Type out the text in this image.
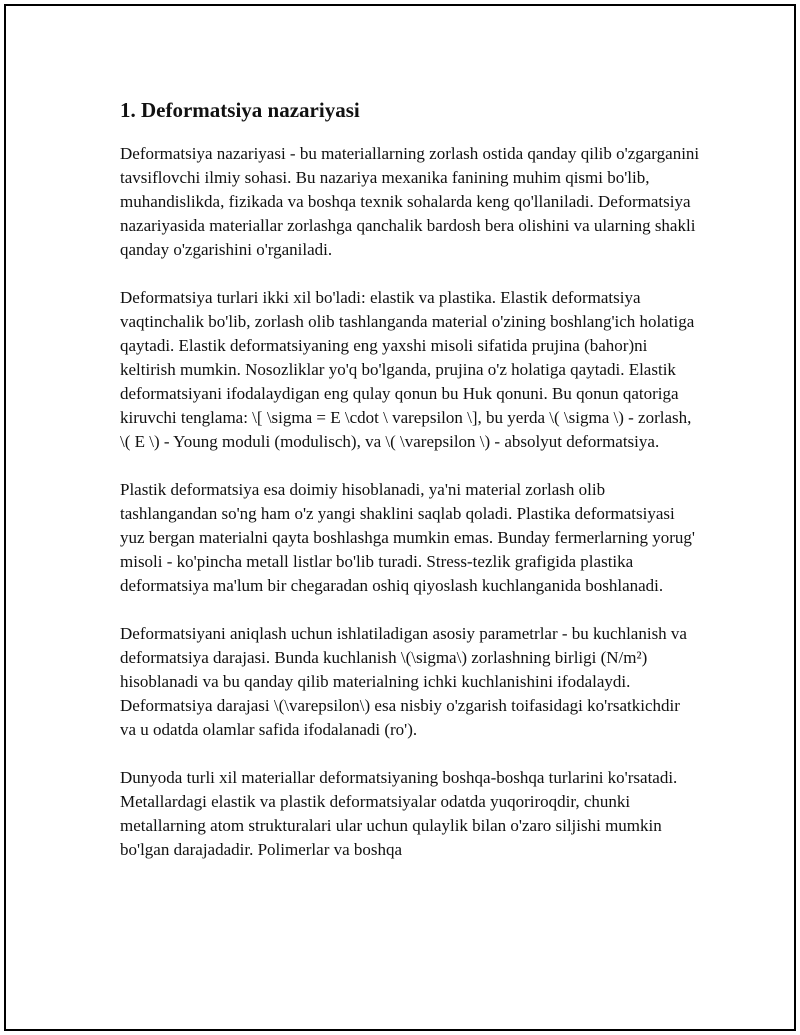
1. Deformatsiya nazariyasi

Deformatsiya nazariyasi - bu materiallarning zorlash ostida qanday qilib o'zgarganini tavsiflovchi ilmiy sohasi. Bu nazariya mexanika fanining muhim qismi bo'lib, muhandislikda, fizikada va boshqa texnik sohalarda keng qo'llaniladi. Deformatsiya nazariyasida materiallar zorlashga qanchalik bardosh bera olishini va ularning shakli qanday o'zgarishini o'rganiladi.

Deformatsiya turlari ikki xil bo'ladi: elastik va plastika. Elastik deformatsiya vaqtinchalik bo'lib, zorlash olib tashlanganda material o'zining boshlang'ich holatiga qaytadi. Elastik deformatsiyaning eng yaxshi misoli sifatida prujina (bahor)ni keltirish mumkin. Nosozliklar yo'q bo'lganda, prujina o'z holatiga qaytadi. Elastik deformatsiyani ifodalaydigan eng qulay qonun bu Huk qonuni. Bu qonun qatoriga kiruvchi tenglama: \[ \sigma = E \cdot \ varepsilon \], bu yerda \( \sigma \) - zorlash, \( E \) - Young moduli (modulisch), va \( \varepsilon \) - absolyut deformatsiya.

Plastik deformatsiya esa doimiy hisoblanadi, ya'ni material zorlash olib tashlangandan so'ng ham o'z yangi shaklini saqlab qoladi. Plastika deformatsiyasi yuz bergan materialni qayta boshlashga mumkin emas. Bunday fermerlarning yorug' misoli - ko'pincha metall listlar bo'lib turadi. Stress-tezlik grafigida plastika deformatsiya ma'lum bir chegaradan oshiq qiyoslash kuchlanganida boshlanadi.

Deformatsiyani aniqlash uchun ishlatiladigan asosiy parametrlar - bu kuchlanish va deformatsiya darajasi. Bunda kuchlanish \(\sigma\) zorlashning birligi (N/m²) hisoblanadi va bu qanday qilib materialning ichki kuchlanishini ifodalaydi. Deformatsiya darajasi \(\varepsilon\) esa nisbiy o'zgarish toifasidagi ko'rsatkichdir va u odatda olamlar safida ifodalanadi (ro').

Dunyoda turli xil materiallar deformatsiyaning boshqa-boshqa turlarini ko'rsatadi. Metallardagi elastik va plastik deformatsiyalar odatda yuqoriroqdir, chunki metallarning atom strukturalari ular uchun qulaylik bilan o'zaro siljishi mumkin bo'lgan darajadadir. Polimerlar va boshqa
